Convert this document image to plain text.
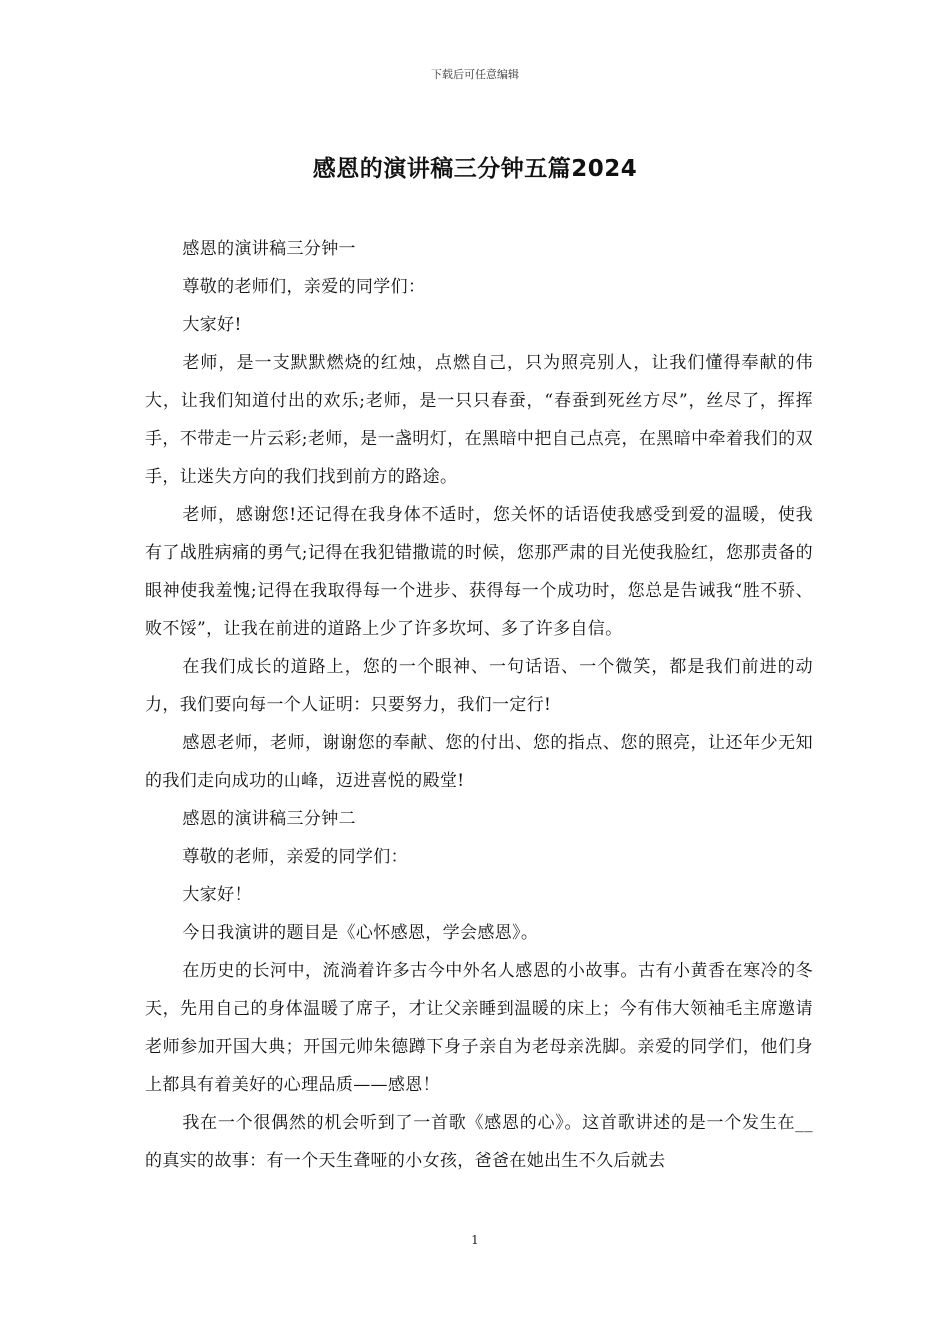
下载后可任意编辑
感恩的演讲稿三分钟五篇2024

感恩的演讲稿三分钟一

尊敬的老师们，亲爱的同学们：

大家好!

老师，是一支默默燃烧的红烛，点燃自己，只为照亮别人，让我们懂得奉献的伟大，让我们知道付出的欢乐;老师，是一只只春蚕，“春蚕到死丝方尽”，丝尽了，挥挥手，不带走一片云彩;老师，是一盏明灯，在黑暗中把自己点亮，在黑暗中牵着我们的双手，让迷失方向的我们找到前方的路途。

老师，感谢您!还记得在我身体不适时，您关怀的话语使我感受到爱的温暖，使我有了战胜病痛的勇气;记得在我犯错撒谎的时候，您那严肃的目光使我脸红，您那责备的眼神使我羞愧;记得在我取得每一个进步、获得每一个成功时，您总是告诫我“胜不骄、败不馁”，让我在前进的道路上少了许多坎坷、多了许多自信。

在我们成长的道路上，您的一个眼神、一句话语、一个微笑，都是我们前进的动力，我们要向每一个人证明：只要努力，我们一定行!

感恩老师，老师，谢谢您的奉献、您的付出、您的指点、您的照亮，让还年少无知的我们走向成功的山峰，迈进喜悦的殿堂!

感恩的演讲稿三分钟二

尊敬的老师，亲爱的同学们：

大家好！

今日我演讲的题目是《心怀感恩，学会感恩》。

在历史的长河中，流淌着许多古今中外名人感恩的小故事。古有小黄香在寒冷的冬天，先用自己的身体温暖了席子，才让父亲睡到温暖的床上；今有伟大领袖毛主席邀请老师参加开国大典；开国元帅朱德蹲下身子亲自为老母亲洗脚。亲爱的同学们，他们身上都具有着美好的心理品质——感恩！

我在一个很偶然的机会听到了一首歌《感恩的心》。这首歌讲述的是一个发生在__的真实的故事：有一个天生聋哑的小女孩，爸爸在她出生不久后就去

1
